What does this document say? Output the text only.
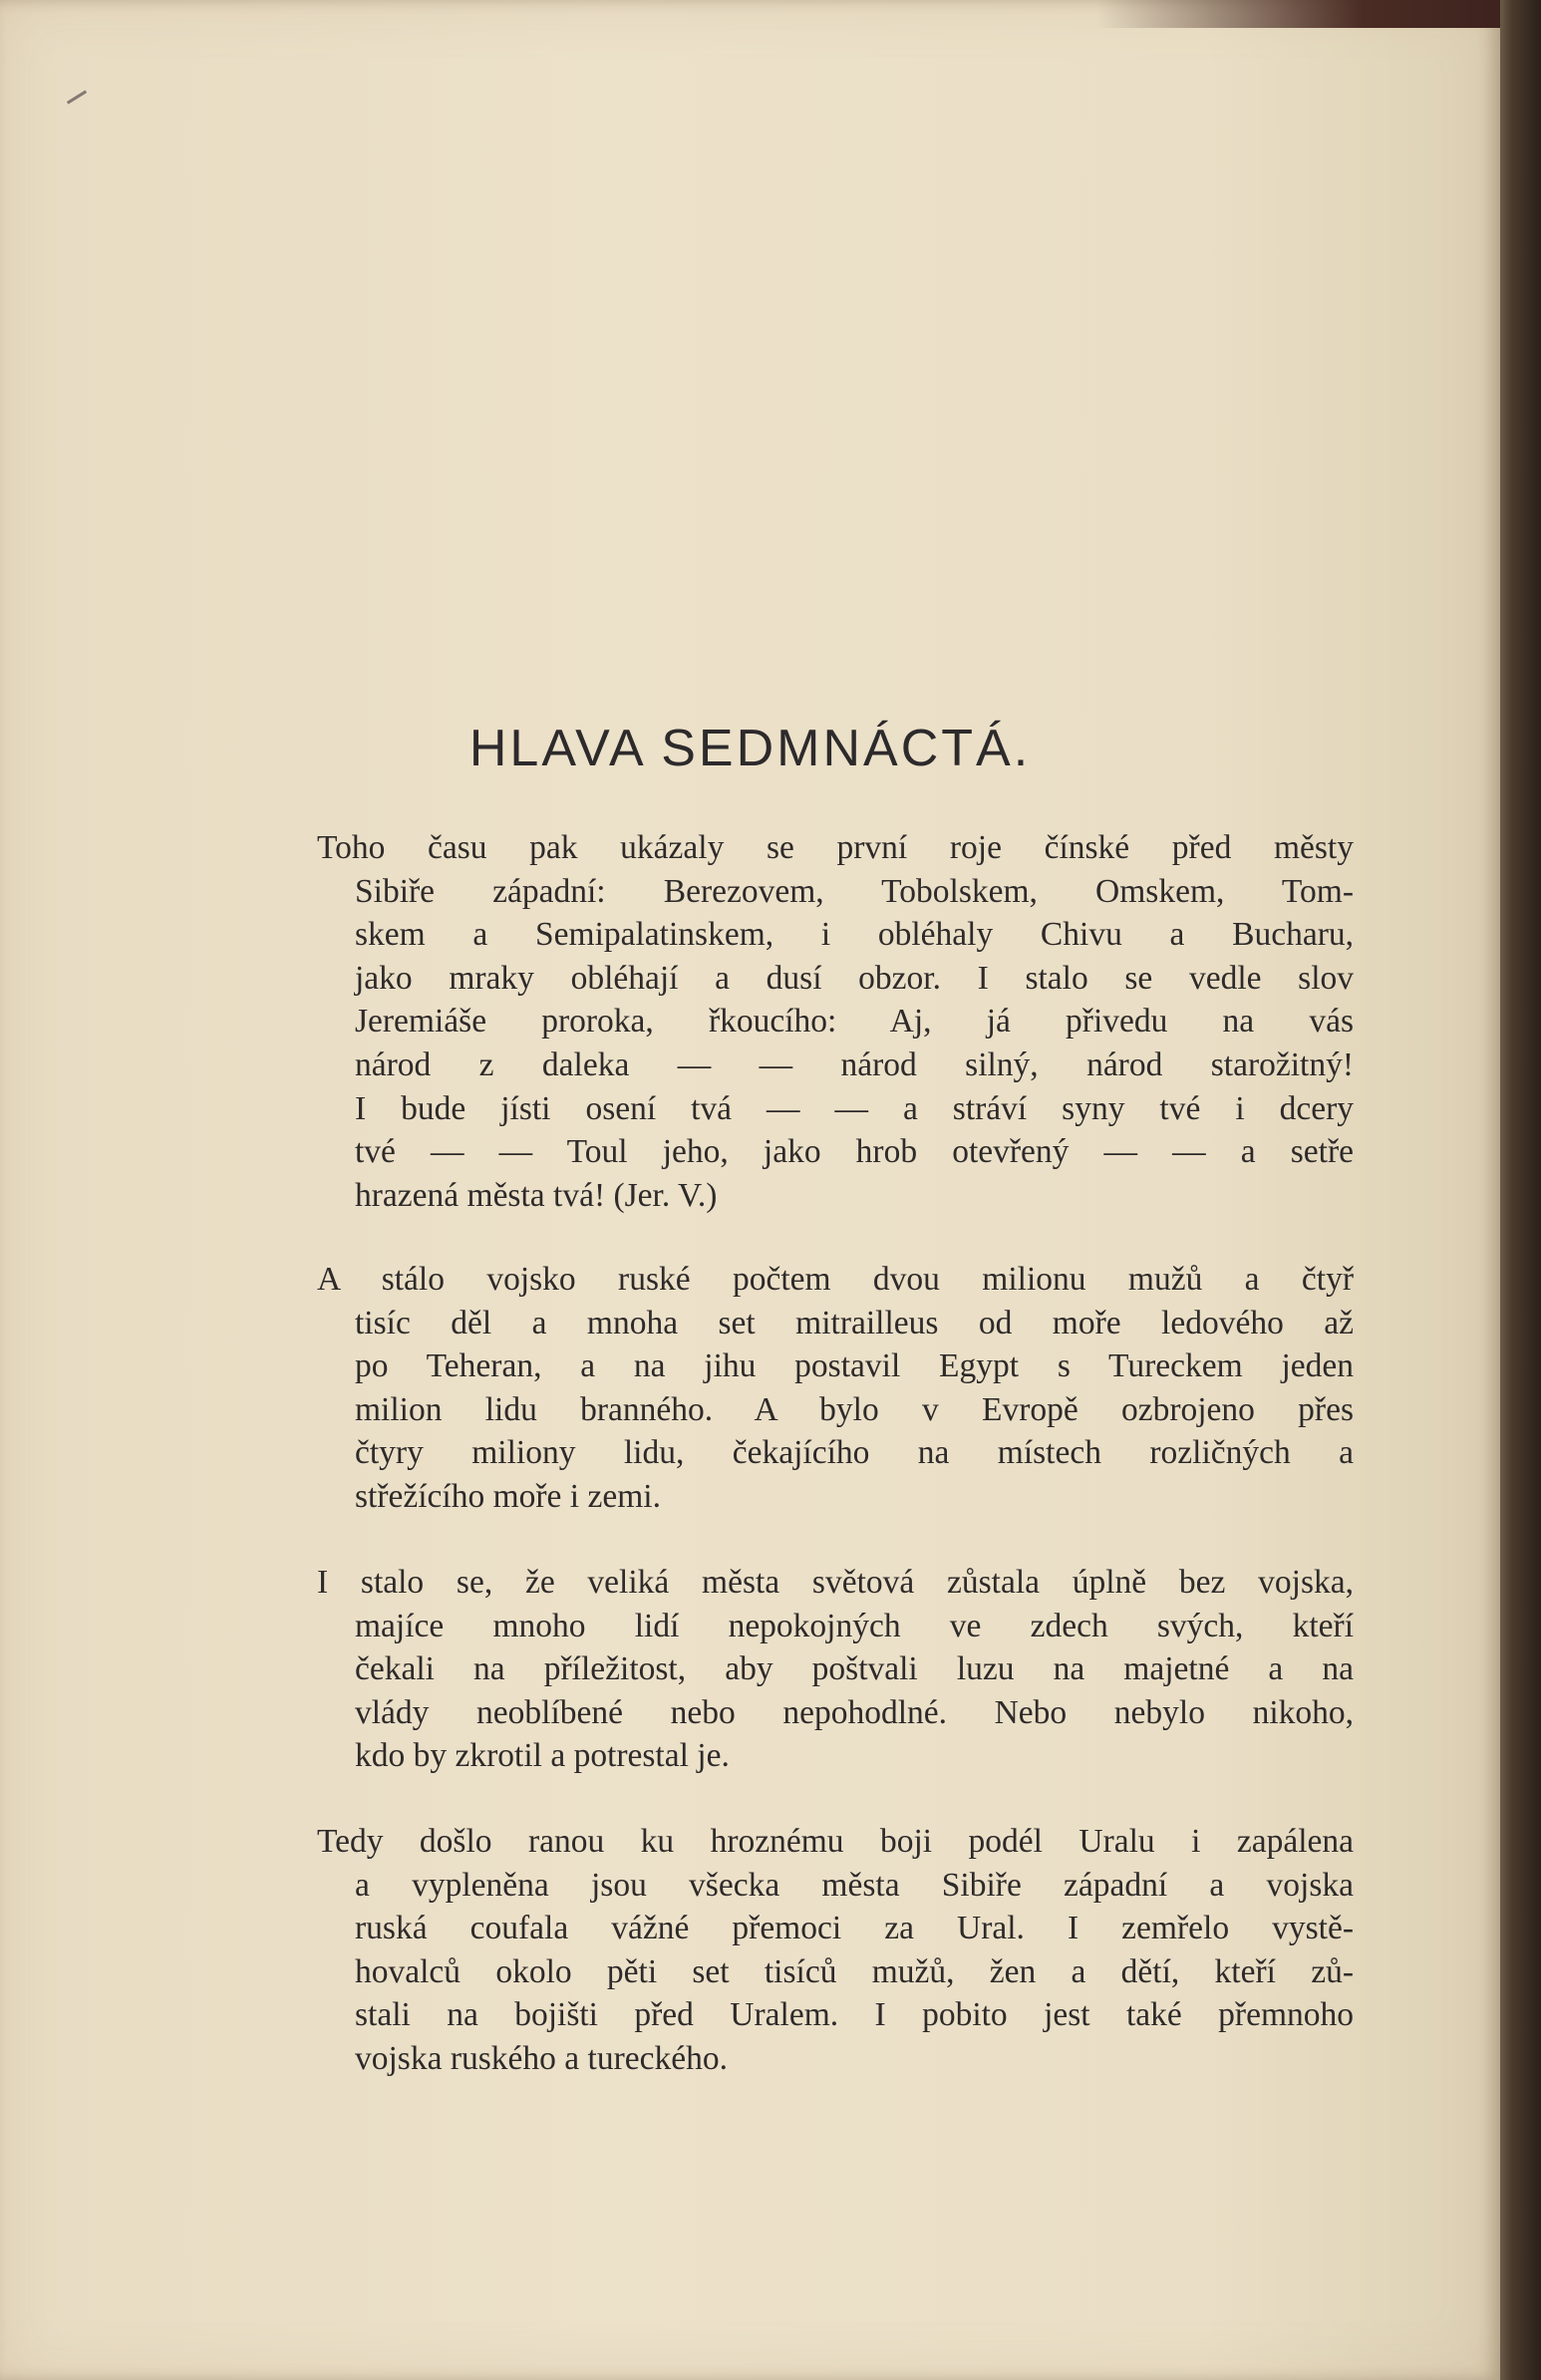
HLAVA SEDMNÁCTÁ.
Toho času pak ukázaly se první roje čínské před městy
Sibiře západní: Berezovem, Tobolskem, Omskem, Tom-
skem a Semipalatinskem, i obléhaly Chivu a Bucharu,
jako mraky obléhají a dusí obzor. I stalo se vedle slov
Jeremiáše proroka, řkoucího: Aj, já přivedu na vás
národ z daleka — — národ silný, národ starožitný!
I bude jísti osení tvá — — a stráví syny tvé i dcery
tvé — — Toul jeho, jako hrob otevřený — — a setře
hrazená města tvá! (Jer. V.)
A stálo vojsko ruské počtem dvou milionu mužů a čtyř
tisíc děl a mnoha set mitrailleus od moře ledového až
po Teheran, a na jihu postavil Egypt s Tureckem jeden
milion lidu branného. A bylo v Evropě ozbrojeno přes
čtyry miliony lidu, čekajícího na místech rozličných a
střežícího moře i zemi.
I stalo se, že veliká města světová zůstala úplně bez vojska,
majíce mnoho lidí nepokojných ve zdech svých, kteří
čekali na příležitost, aby poštvali luzu na majetné a na
vlády neoblíbené nebo nepohodlné. Nebo nebylo nikoho,
kdo by zkrotil a potrestal je.
Tedy došlo ranou ku hroznému boji podél Uralu i zapálena
a vypleněna jsou všecka města Sibiře západní a vojska
ruská coufala vážné přemoci za Ural. I zemřelo vystě-
hovalců okolo pěti set tisíců mužů, žen a dětí, kteří zů-
stali na bojišti před Uralem. I pobito jest také přemnoho
vojska ruského a tureckého.
